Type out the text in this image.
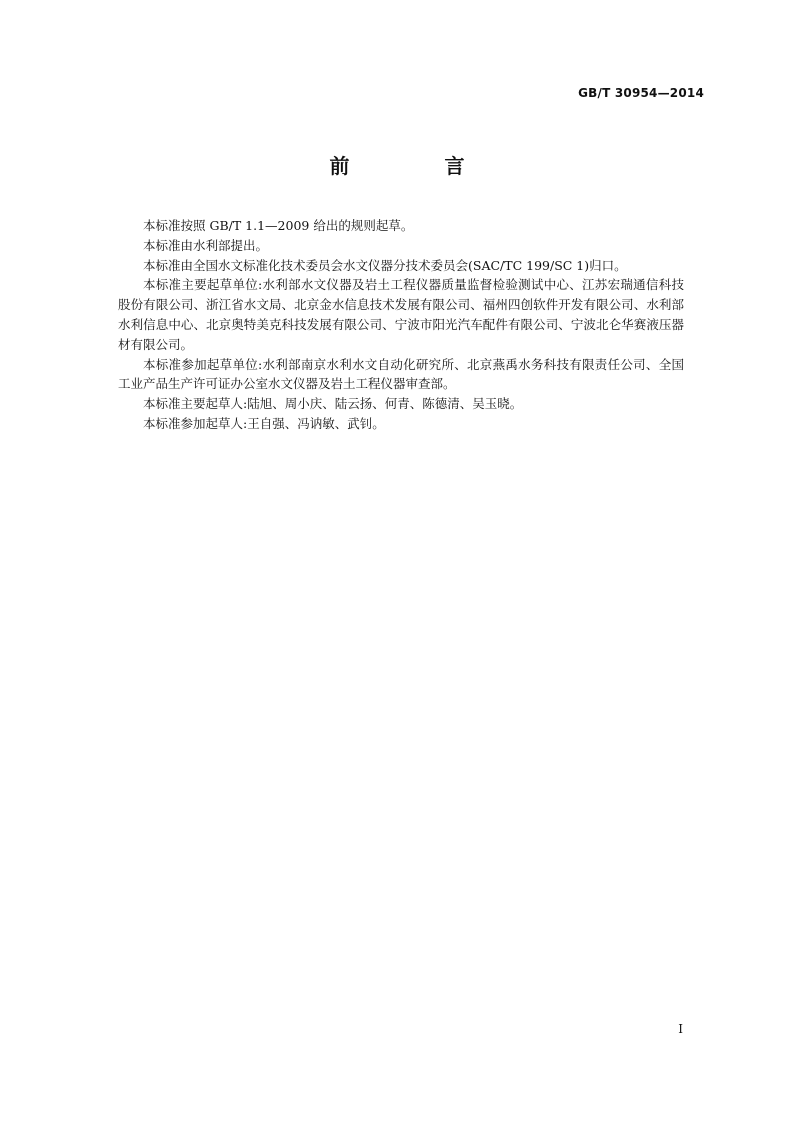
GB/T 30954—2014
前 言

本标准按照 GB/T 1.1—2009 给出的规则起草。

本标准由水利部提出。

本标准由全国水文标准化技术委员会水文仪器分技术委员会(SAC/TC 199/SC 1)归口。

本标准主要起草单位:水利部水文仪器及岩土工程仪器质量监督检验测试中心、江苏宏瑞通信科技股份有限公司、浙江省水文局、北京金水信息技术发展有限公司、福州四创软件开发有限公司、水利部水利信息中心、北京奥特美克科技发展有限公司、宁波市阳光汽车配件有限公司、宁波北仑华赛液压器材有限公司。

本标准参加起草单位:水利部南京水利水文自动化研究所、北京燕禹水务科技有限责任公司、全国工业产品生产许可证办公室水文仪器及岩土工程仪器审查部。

本标准主要起草人:陆旭、周小庆、陆云扬、何青、陈德清、吴玉晓。

本标准参加起草人:王自强、冯讷敏、武钊。

I
